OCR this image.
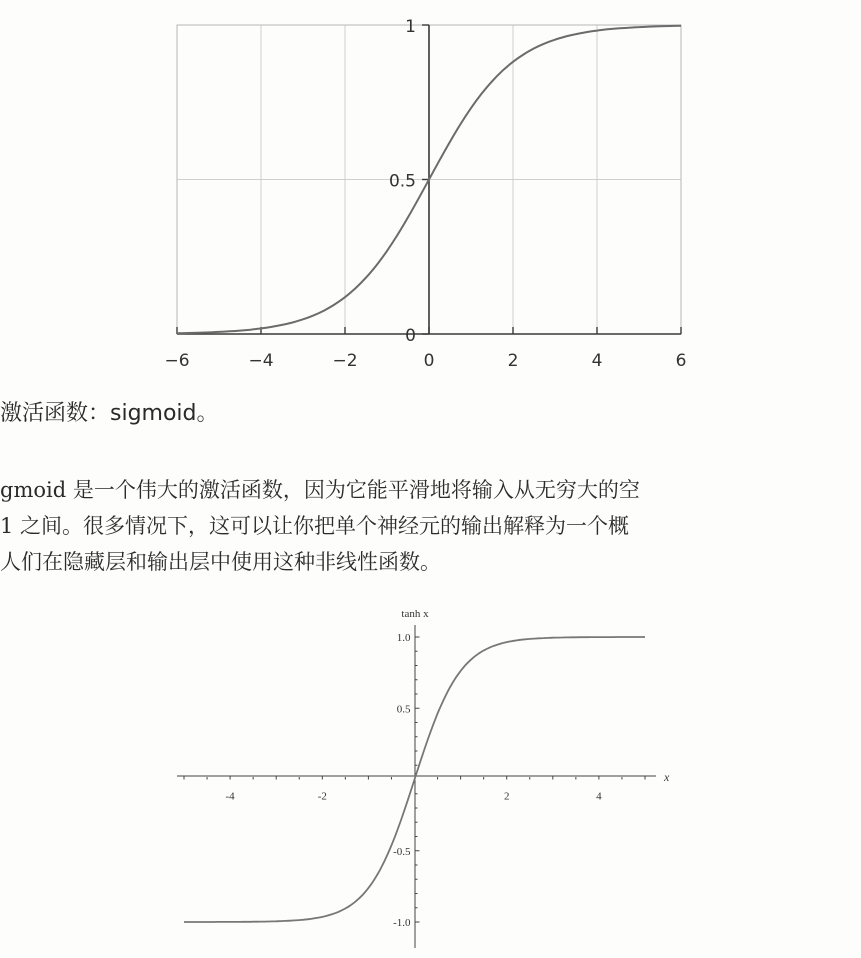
−6	−4	−2	0	2	4	6
0
0.5
1
激活函数：sigmoid。
gmoid 是一个伟大的激活函数，因为它能平滑地将输入从无穷大的空
1 之间。很多情况下，这可以让你把单个神经元的输出解释为一个概
人们在隐藏层和输出层中使用这种非线性函数。
-4	-2	2	4
1.0
0.5
-0.5
-1.0
tanh x
x
